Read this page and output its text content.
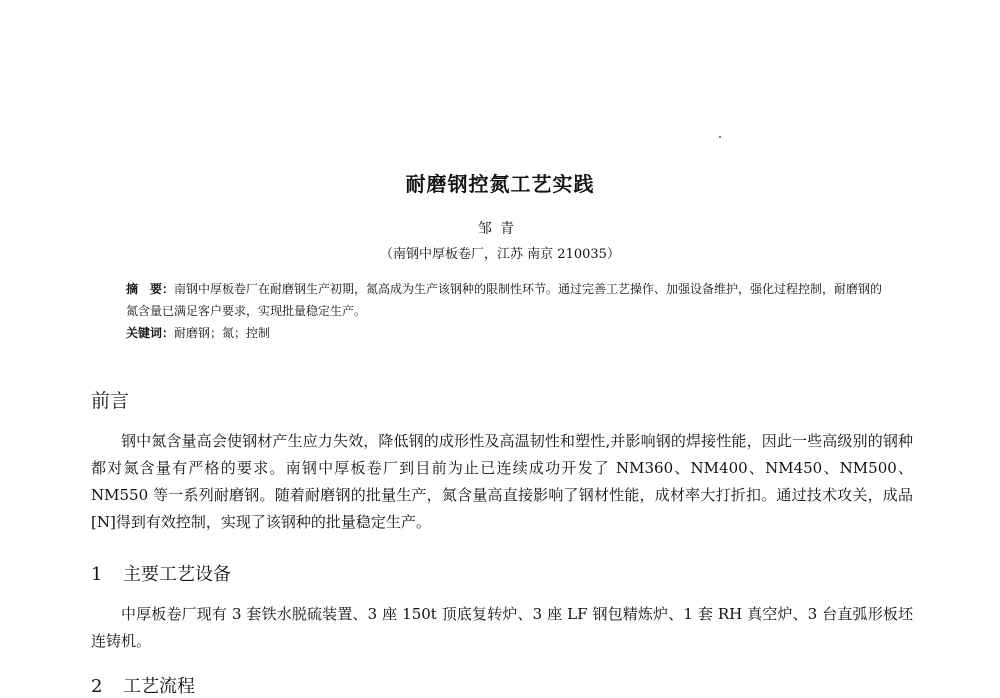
耐磨钢控氮工艺实践
邹青
（南钢中厚板卷厂，江苏 南京 210035）

摘　要：南钢中厚板卷厂在耐磨钢生产初期，氮高成为生产该钢种的限制性环节。通过完善工艺操作、加强设备维护，强化过程控制，耐磨钢的氮含量已满足客户要求，实现批量稳定生产。

关键词：耐磨钢；氮；控制

前言

钢中氮含量高会使钢材产生应力失效，降低钢的成形性及高温韧性和塑性,并影响钢的焊接性能，因此一些高级别的钢种都对氮含量有严格的要求。南钢中厚板卷厂到目前为止已连续成功开发了 NM360、NM400、NM450、NM500、NM550 等一系列耐磨钢。随着耐磨钢的批量生产，氮含量高直接影响了钢材性能，成材率大打折扣。通过技术攻关，成品[N]得到有效控制，实现了该钢种的批量稳定生产。

1 主要工艺设备

中厚板卷厂现有 3 套铁水脱硫装置、3 座 150t 顶底复转炉、3 座 LF 钢包精炼炉、1 套 RH 真空炉、3 台直弧形板坯连铸机。

2 工艺流程
